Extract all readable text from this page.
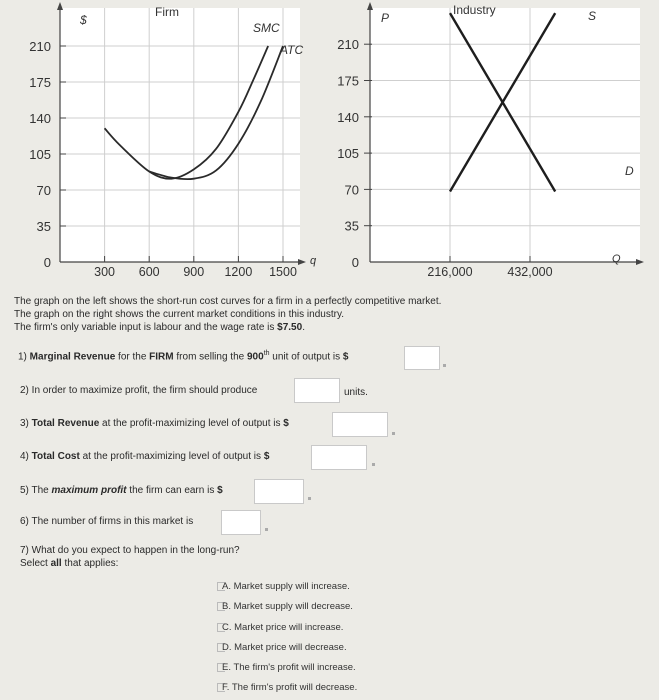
210
175
140
105
70
35
0
300 600 900 1200 1500
210
175
140
105
70
35
0
216,000	432,000
Firm
$
q
SMC
ATC
Industry
P
Q
S
D
The graph on the left shows the short-run cost curves for a firm in a perfectly competitive market.
The graph on the right shows the current market conditions in this industry.
The firm's only variable input is labour and the wage rate is $7.50.
1) Marginal Revenue for the FIRM from selling the 900th unit of output is $
2) In order to maximize profit, the firm should produce	units.
3) Total Revenue at the profit-maximizing level of output is $
4) Total Cost at the profit-maximizing level of output is $
5) The maximum profit the firm can earn is $
6) The number of firms in this market is
7) What do you expect to happen in the long-run?
Select all that applies:
A. Market supply will increase.
B. Market supply will decrease.
C. Market price will increase.
D. Market price will decrease.
E. The firm's profit will increase.
F. The firm's profit will decrease.
